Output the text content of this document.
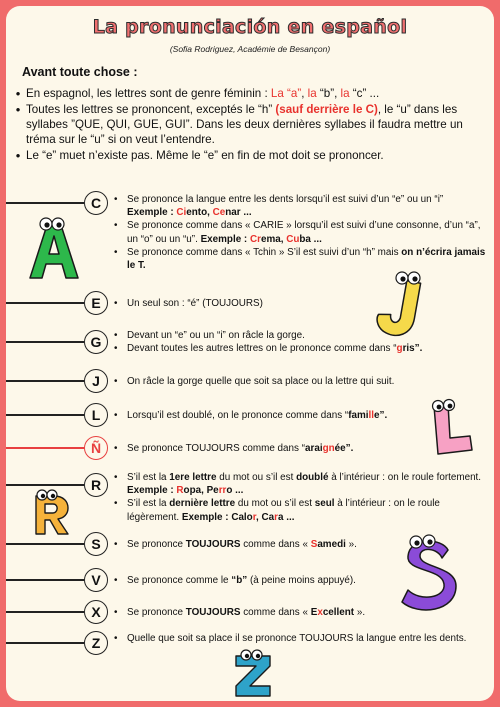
La pronunciación en español
(Sofia Rodriguez, Académie de Besançon)
Avant toute chose :
• En espagnol, les lettres sont de genre féminin : La “a”, la “b”, la “c” ...
• Toutes les lettres se prononcent, exceptés le “h” (sauf derrière le C), le “u” dans les syllabes ”QUE, QUI, GUE, GUI”. Dans les deux dernières syllabes il faudra mettre un tréma sur le “u” si on veut l’entendre.
• Le “e” muet n’existe pas. Même le “e” en fin de mot doit se prononcer.
C	• Se prononce la langue entre les dents lorsqu’il est suivi d’un “e” ou un “i”
Exemple : Ciento, Cenar ...
• Se prononce comme dans « CARIE » lorsqu’il est suivi d’une consonne, d’un “a”, un “o” ou un “u”. Exemple : Crema, Cuba ...
• Se prononce comme dans « Tchin » S’il est suivi d’un “h” mais on n’écrira jamais le T.
E	• Un seul son : “é” (TOUJOURS)
G	• Devant un “e” ou un “i” on râcle la gorge.
• Devant toutes les autres lettres on le prononce comme dans “gris”.
J	• On râcle la gorge quelle que soit sa place ou la lettre qui suit.
L	• Lorsqu’il est doublé, on le prononce comme dans “famille”.
Ñ	• Se prononce TOUJOURS comme dans “araignée”.
R	• S’il est la 1ere lettre du mot ou s’il est doublé à l’intérieur : on le roule fortement. Exemple : Ropa, Perro ...
• S’il est la dernière lettre du mot ou s’il est seul à l’intérieur : on le roule légèrement. Exemple : Calor, Cara ...
S	• Se prononce TOUJOURS comme dans « Samedi ».
V	• Se prononce comme le “b” (à peine moins appuyé).
X	• Se prononce TOUJOURS comme dans « Excellent ».
Z	• Quelle que soit sa place il se prononce TOUJOURS la langue entre les dents.
